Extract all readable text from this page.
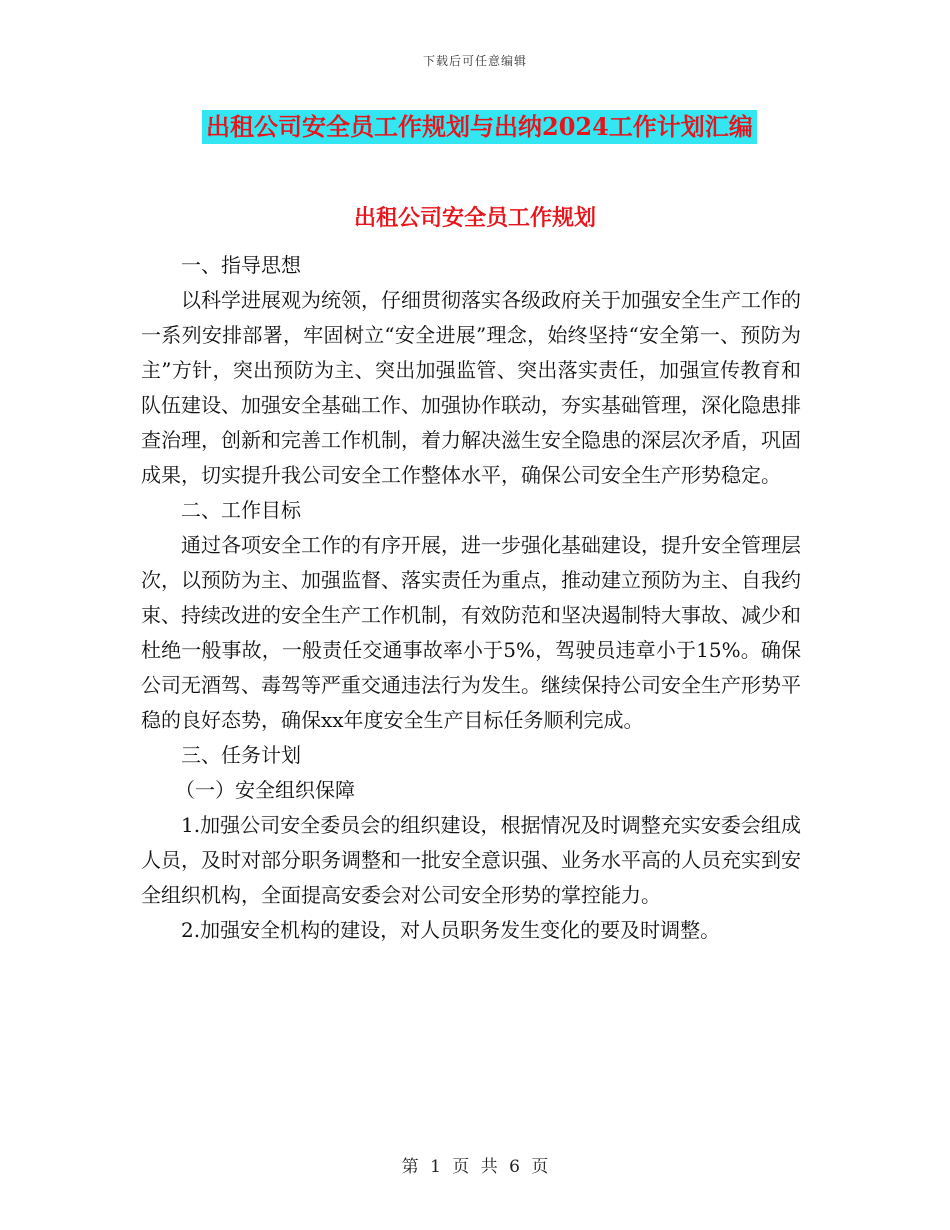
下载后可任意编辑
出租公司安全员工作规划与出纳2024工作计划汇编
出租公司安全员工作规划

一、指导思想

以科学进展观为统领，仔细贯彻落实各级政府关于加强安全生产工作的一系列安排部署，牢固树立“安全进展”理念，始终坚持“安全第一、预防为主”方针，突出预防为主、突出加强监管、突出落实责任，加强宣传教育和队伍建设、加强安全基础工作、加强协作联动，夯实基础管理，深化隐患排查治理，创新和完善工作机制，着力解决滋生安全隐患的深层次矛盾，巩固成果，切实提升我公司安全工作整体水平，确保公司安全生产形势稳定。

二、工作目标

通过各项安全工作的有序开展，进一步强化基础建设，提升安全管理层次，以预防为主、加强监督、落实责任为重点，推动建立预防为主、自我约束、持续改进的安全生产工作机制，有效防范和坚决遏制特大事故、减少和杜绝一般事故，一般责任交通事故率小于5%，驾驶员违章小于15%。确保公司无酒驾、毒驾等严重交通违法行为发生。继续保持公司安全生产形势平稳的良好态势，确保xx年度安全生产目标任务顺利完成。

三、任务计划

（一）安全组织保障

1.加强公司安全委员会的组织建设，根据情况及时调整充实安委会组成人员，及时对部分职务调整和一批安全意识强、业务水平高的人员充实到安全组织机构，全面提高安委会对公司安全形势的掌控能力。

2.加强安全机构的建设，对人员职务发生变化的要及时调整。

第 1 页 共 6 页
